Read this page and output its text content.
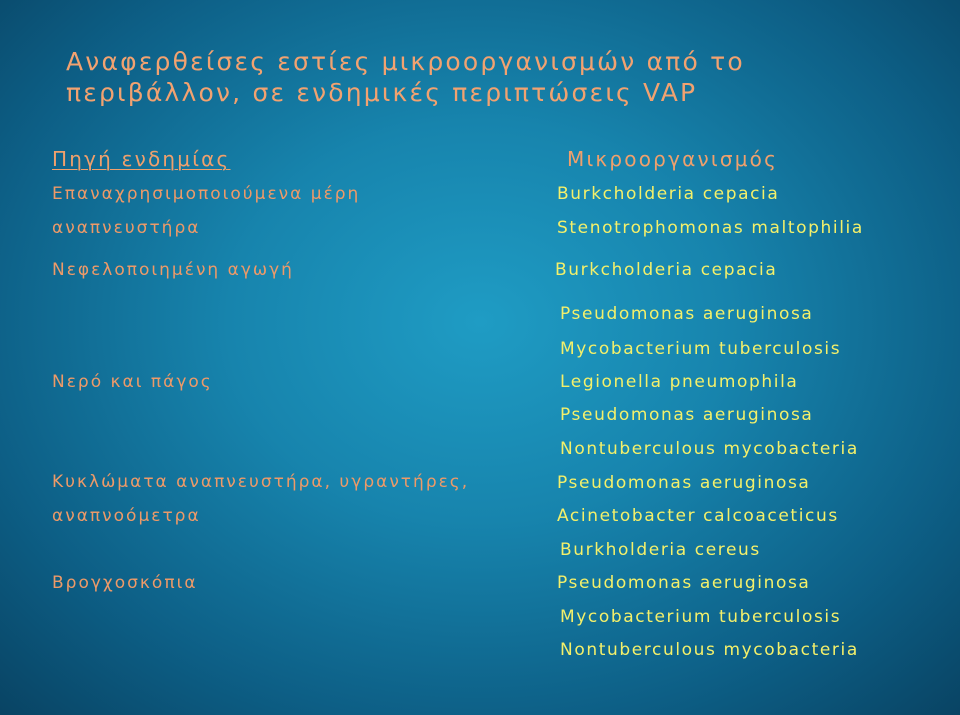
Αναφερθείσες εστίες μικροοργανισμών από το
περιβάλλον, σε ενδημικές περιπτώσεις VAP
Πηγή ενδημίας	Μικροοργανισμός
Επαναχρησιμοποιούμενα μέρη
αναπνευστήρα
Νεφελοποιημένη αγωγή
Νερό και πάγος
Κυκλώματα αναπνευστήρα, υγραντήρες,
αναπνοόμετρα
Βρογχοσκόπια
Burkcholderia cepacia
Stenotrophomonas maltophilia
Burkcholderia cepacia
Pseudomonas aeruginosa
Mycobacterium tuberculosis
Legionella pneumophila
Pseudomonas aeruginosa
Nontuberculous mycobacteria
Pseudomonas aeruginosa
Acinetobacter calcoaceticus
Burkholderia cereus
Pseudomonas aeruginosa
Mycobacterium tuberculosis
Nontuberculous mycobacteria
